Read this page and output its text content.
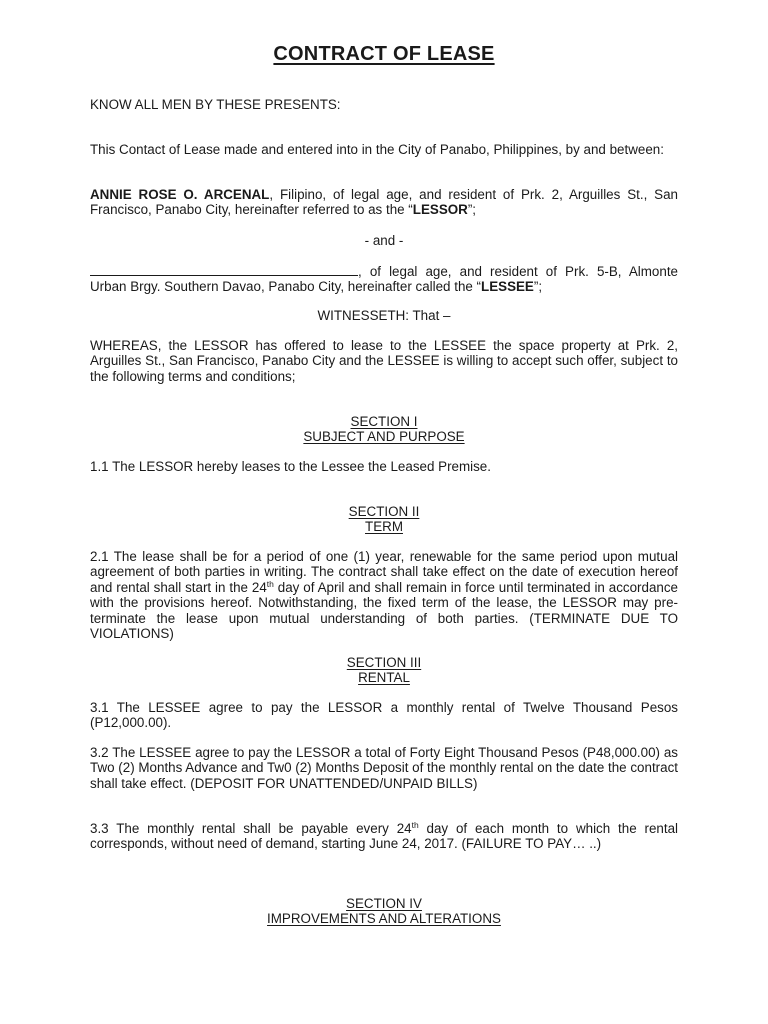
CONTRACT OF LEASE
KNOW ALL MEN BY THESE PRESENTS:
This Contact of Lease made and entered into in the City of Panabo, Philippines, by and between:
ANNIE ROSE O. ARCENAL, Filipino, of legal age, and resident of Prk. 2, Arguilles St., San Francisco, Panabo City, hereinafter referred to as the “LESSOR”;
- and -
, of legal age, and resident of Prk. 5-B, Almonte Urban Brgy. Southern Davao, Panabo City, hereinafter called the “LESSEE”;
WITNESSETH: That –
WHEREAS, the LESSOR has offered to lease to the LESSEE the space property at Prk. 2, Arguilles St., San Francisco, Panabo City and the LESSEE is willing to accept such offer, subject to the following terms and conditions;
SECTION I
SUBJECT AND PURPOSE
1.1 The LESSOR hereby leases to the Lessee the Leased Premise.
SECTION II
TERM
2.1 The lease shall be for a period of one (1) year, renewable for the same period upon mutual agreement of both parties in writing. The contract shall take effect on the date of execution hereof and rental shall start in the 24th day of April and shall remain in force until terminated in accordance with the provisions hereof. Notwithstanding, the fixed term of the lease, the LESSOR may pre-terminate the lease upon mutual understanding of both parties. (TERMINATE DUE TO VIOLATIONS)
SECTION III
RENTAL
3.1 The LESSEE agree to pay the LESSOR a monthly rental of Twelve Thousand Pesos (P12,000.00).
3.2 The LESSEE agree to pay the LESSOR a total of Forty Eight Thousand Pesos (P48,000.00) as Two (2) Months Advance and Tw0 (2) Months Deposit of the monthly rental on the date the contract shall take effect. (DEPOSIT FOR UNATTENDED/UNPAID BILLS)
3.3 The monthly rental shall be payable every 24th day of each month to which the rental corresponds, without need of demand, starting June 24, 2017. (FAILURE TO PAY… ..)
SECTION IV
IMPROVEMENTS AND ALTERATIONS
